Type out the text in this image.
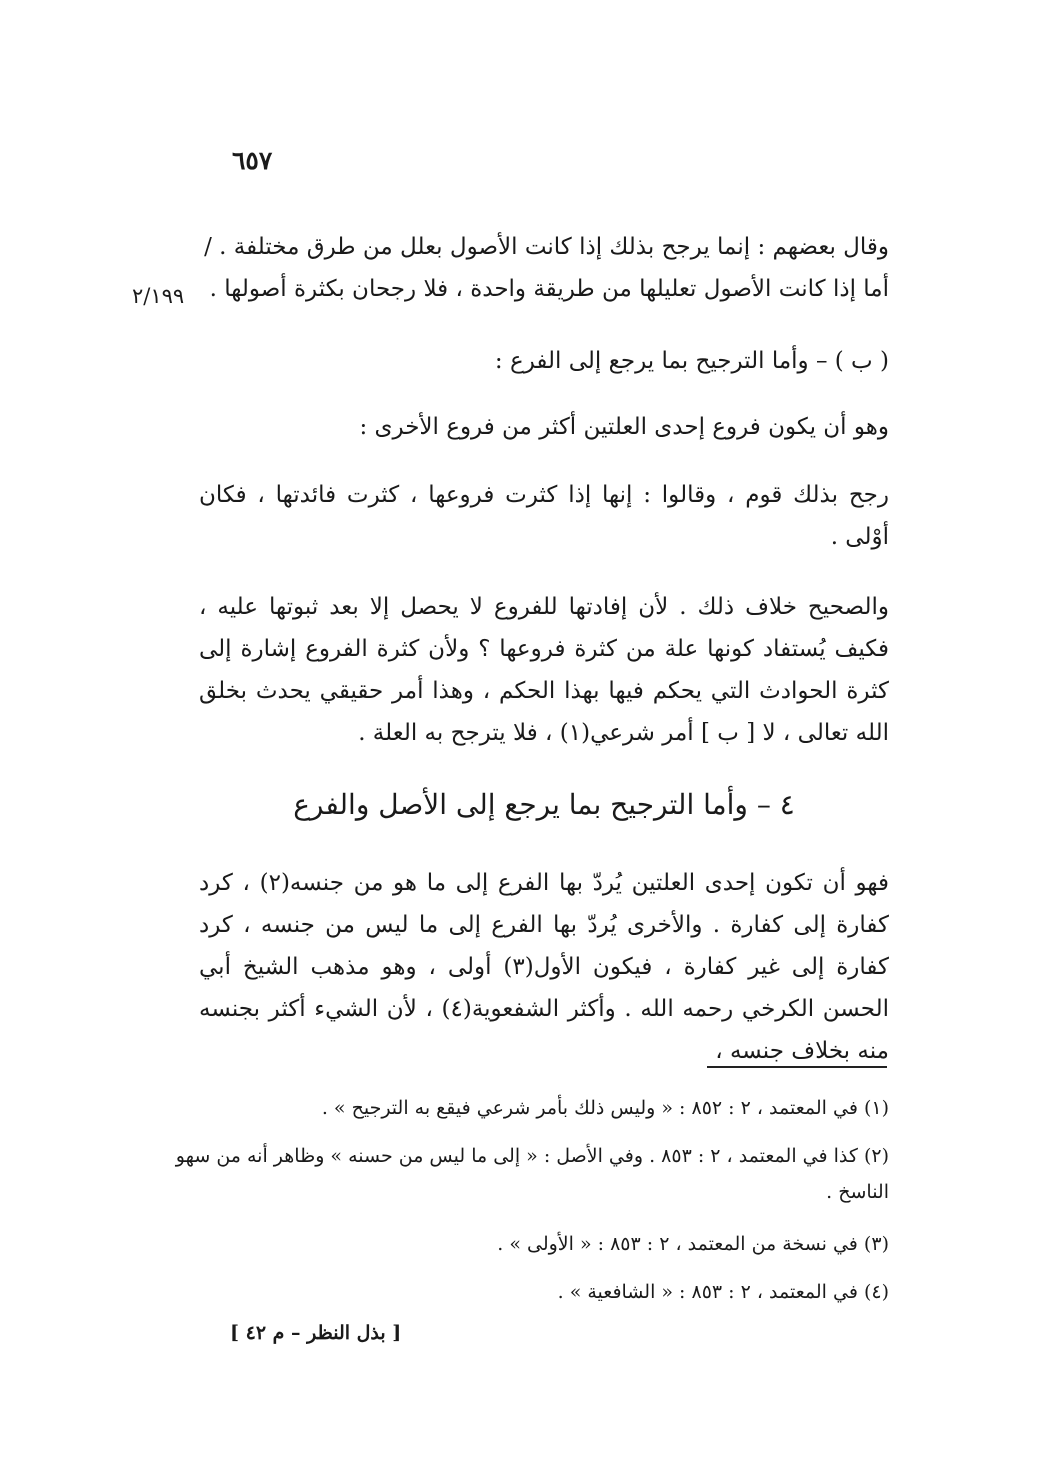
٦٥٧

وقال بعضهم : إنما يرجح بذلك إذا كانت الأصول بعلل من طرق مختلفة . /

أما إذا كانت الأصول تعليلها من طريقة واحدة ، فلا رجحان بكثرة أصولها .

٢/١٩٩

( ب ) – وأما الترجيح بما يرجع إلى الفرع :

وهو أن يكون فروع إحدى العلتين أكثر من فروع الأخرى :

رجح بذلك قوم ، وقالوا : إنها إذا كثرت فروعها ، كثرت فائدتها ، فكان أوْلى .

والصحيح خلاف ذلك . لأن إفادتها للفروع لا يحصل إلا بعد ثبوتها عليه ، فكيف يُستفاد كونها علة من كثرة فروعها ؟ ولأن كثرة الفروع إشارة إلى كثرة الحوادث التي يحكم فيها بهذا الحكم ، وهذا أمر حقيقي يحدث بخلق الله تعالى ، لا [ ب ] أمر شرعي(١) ، فلا يترجح به العلة .

٤ – وأما الترجيح بما يرجع إلى الأصل والفرع

فهو أن تكون إحدى العلتين يُردّ بها الفرع إلى ما هو من جنسه(٢) ، كرد كفارة إلى كفارة . والأخرى يُردّ بها الفرع إلى ما ليس من جنسه ، كرد كفارة إلى غير كفارة ، فيكون الأول(٣) أولى ، وهو مذهب الشيخ أبي الحسن الكرخي رحمه الله . وأكثر الشفعوية(٤) ، لأن الشيء أكثر بجنسه منه بخلاف جنسه ،

(١) في المعتمد ، ٢ : ٨٥٢ : « وليس ذلك بأمر شرعي فيقع به الترجيح » .
(٢) كذا في المعتمد ، ٢ : ٨٥٣ . وفي الأصل : « إلى ما ليس من حسنه » وظاهر أنه من سهو الناسخ .
(٣) في نسخة من المعتمد ، ٢ : ٨٥٣ : « الأولى » .
(٤) في المعتمد ، ٢ : ٨٥٣ : « الشافعية » .
[ بذل النظر – م ٤٢ ]
